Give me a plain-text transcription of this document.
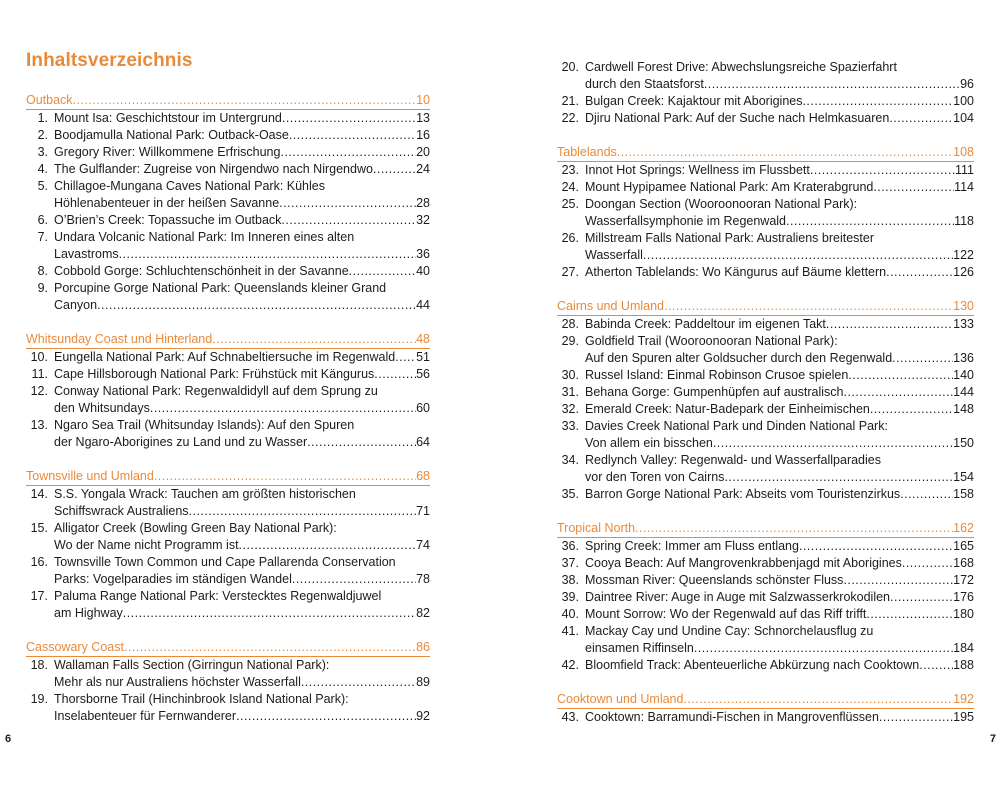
Inhaltsverzeichnis
Outback . . .	10
1. Mount Isa: Geschichtstour im Untergrund . . .	13
2. Boodjamulla National Park: Outback-Oase . . .	16
3. Gregory River: Willkommene Erfrischung . . .	20
4. The Gulflander: Zugreise von Nirgendwo nach Nirgendwo . . .	24
5. Chillagoe-Mungana Caves National Park: Kühles
Höhlenabenteuer in der heißen Savanne . . .	28
6. O’Brien’s Creek: Topassuche im Outback . . .	32
7. Undara Volcanic National Park: Im Inneren eines alten
Lavastroms . . .	36
8. Cobbold Gorge: Schluchtenschönheit in der Savanne . . .	40
9. Porcupine Gorge National Park: Queenslands kleiner Grand
Canyon . . .	44
Whitsunday Coast und Hinterland . . .	48
10. Eungella National Park: Auf Schnabeltiersuche im Regenwald . . . 51
11. Cape Hillsborough National Park: Frühstück mit Kängurus . . .	56
12. Conway National Park: Regenwaldidyll auf dem Sprung zu
den Whitsundays . . .	60
13. Ngaro Sea Trail (Whitsunday Islands): Auf den Spuren
der Ngaro-Aborigines zu Land und zu Wasser . . .	64
Townsville und Umland . . .	68
14. S.S. Yongala Wrack: Tauchen am größten historischen
Schiffswrack Australiens . . .	71
15. Alligator Creek (Bowling Green Bay National Park):
Wo der Name nicht Programm ist . . .	74
16. Townsville Town Common und Cape Pallarenda Conservation
Parks: Vogelparadies im ständigen Wandel . . .	78
17. Paluma Range National Park: Verstecktes Regenwaldjuwel
am Highway . . .	82
Cassowary Coast . . .	86
18. Wallaman Falls Section (Girringun National Park):
Mehr als nur Australiens höchster Wasserfall . . .	89
19. Thorsborne Trail (Hinchinbrook Island National Park):
Inselabenteuer für Fernwanderer . . .	92
20. Cardwell Forest Drive: Abwechslungsreiche Spazierfahrt
durch den Staatsforst . . .	96
21. Bulgan Creek: Kajaktour mit Aborigines . . .	100
22. Djiru National Park: Auf der Suche nach Helmkasuaren . . .	104
Tablelands . . .	108
23. Innot Hot Springs: Wellness im Flussbett . . .	111
24. Mount Hypipamee National Park: Am Kraterabgrund . . .	114
25. Doongan Section (Wooroonooran National Park):
Wasserfallsymphonie im Regenwald . . .	118
26. Millstream Falls National Park: Australiens breitester
Wasserfall . . .	122
27. Atherton Tablelands: Wo Kängurus auf Bäume klettern . . .	126
Cairns und Umland . . .	130
28. Babinda Creek: Paddeltour im eigenen Takt . . .	133
29. Goldfield Trail (Wooroonooran National Park):
Auf den Spuren alter Goldsucher durch den Regenwald . . .	136
30. Russel Island: Einmal Robinson Crusoe spielen . . .	140
31. Behana Gorge: Gumpenhüpfen auf australisch . . .	144
32. Emerald Creek: Natur-Badepark der Einheimischen . . .	148
33. Davies Creek National Park und Dinden National Park:
Von allem ein bisschen . . .	150
34. Redlynch Valley: Regenwald- und Wasserfallparadies
vor den Toren von Cairns . . .	154
35. Barron Gorge National Park: Abseits vom Touristenzirkus . . .	158
Tropical North . . .	162
36. Spring Creek: Immer am Fluss entlang . . .	165
37. Cooya Beach: Auf Mangrovenkrabbenjagd mit Aborigines . . .	168
38. Mossman River: Queenslands schönster Fluss . . .	172
39. Daintree River: Auge in Auge mit Salzwasserkrokodilen . . .	176
40. Mount Sorrow: Wo der Regenwald auf das Riff trifft . . .	180
41. Mackay Cay und Undine Cay: Schnorchelausflug zu
einsamen Riffinseln . . .	184
42. Bloomfield Track: Abenteuerliche Abkürzung nach Cooktown . . .	188
Cooktown und Umland . . .	192
43. Cooktown: Barramundi-Fischen in Mangrovenflüssen . . .	195
6	7
